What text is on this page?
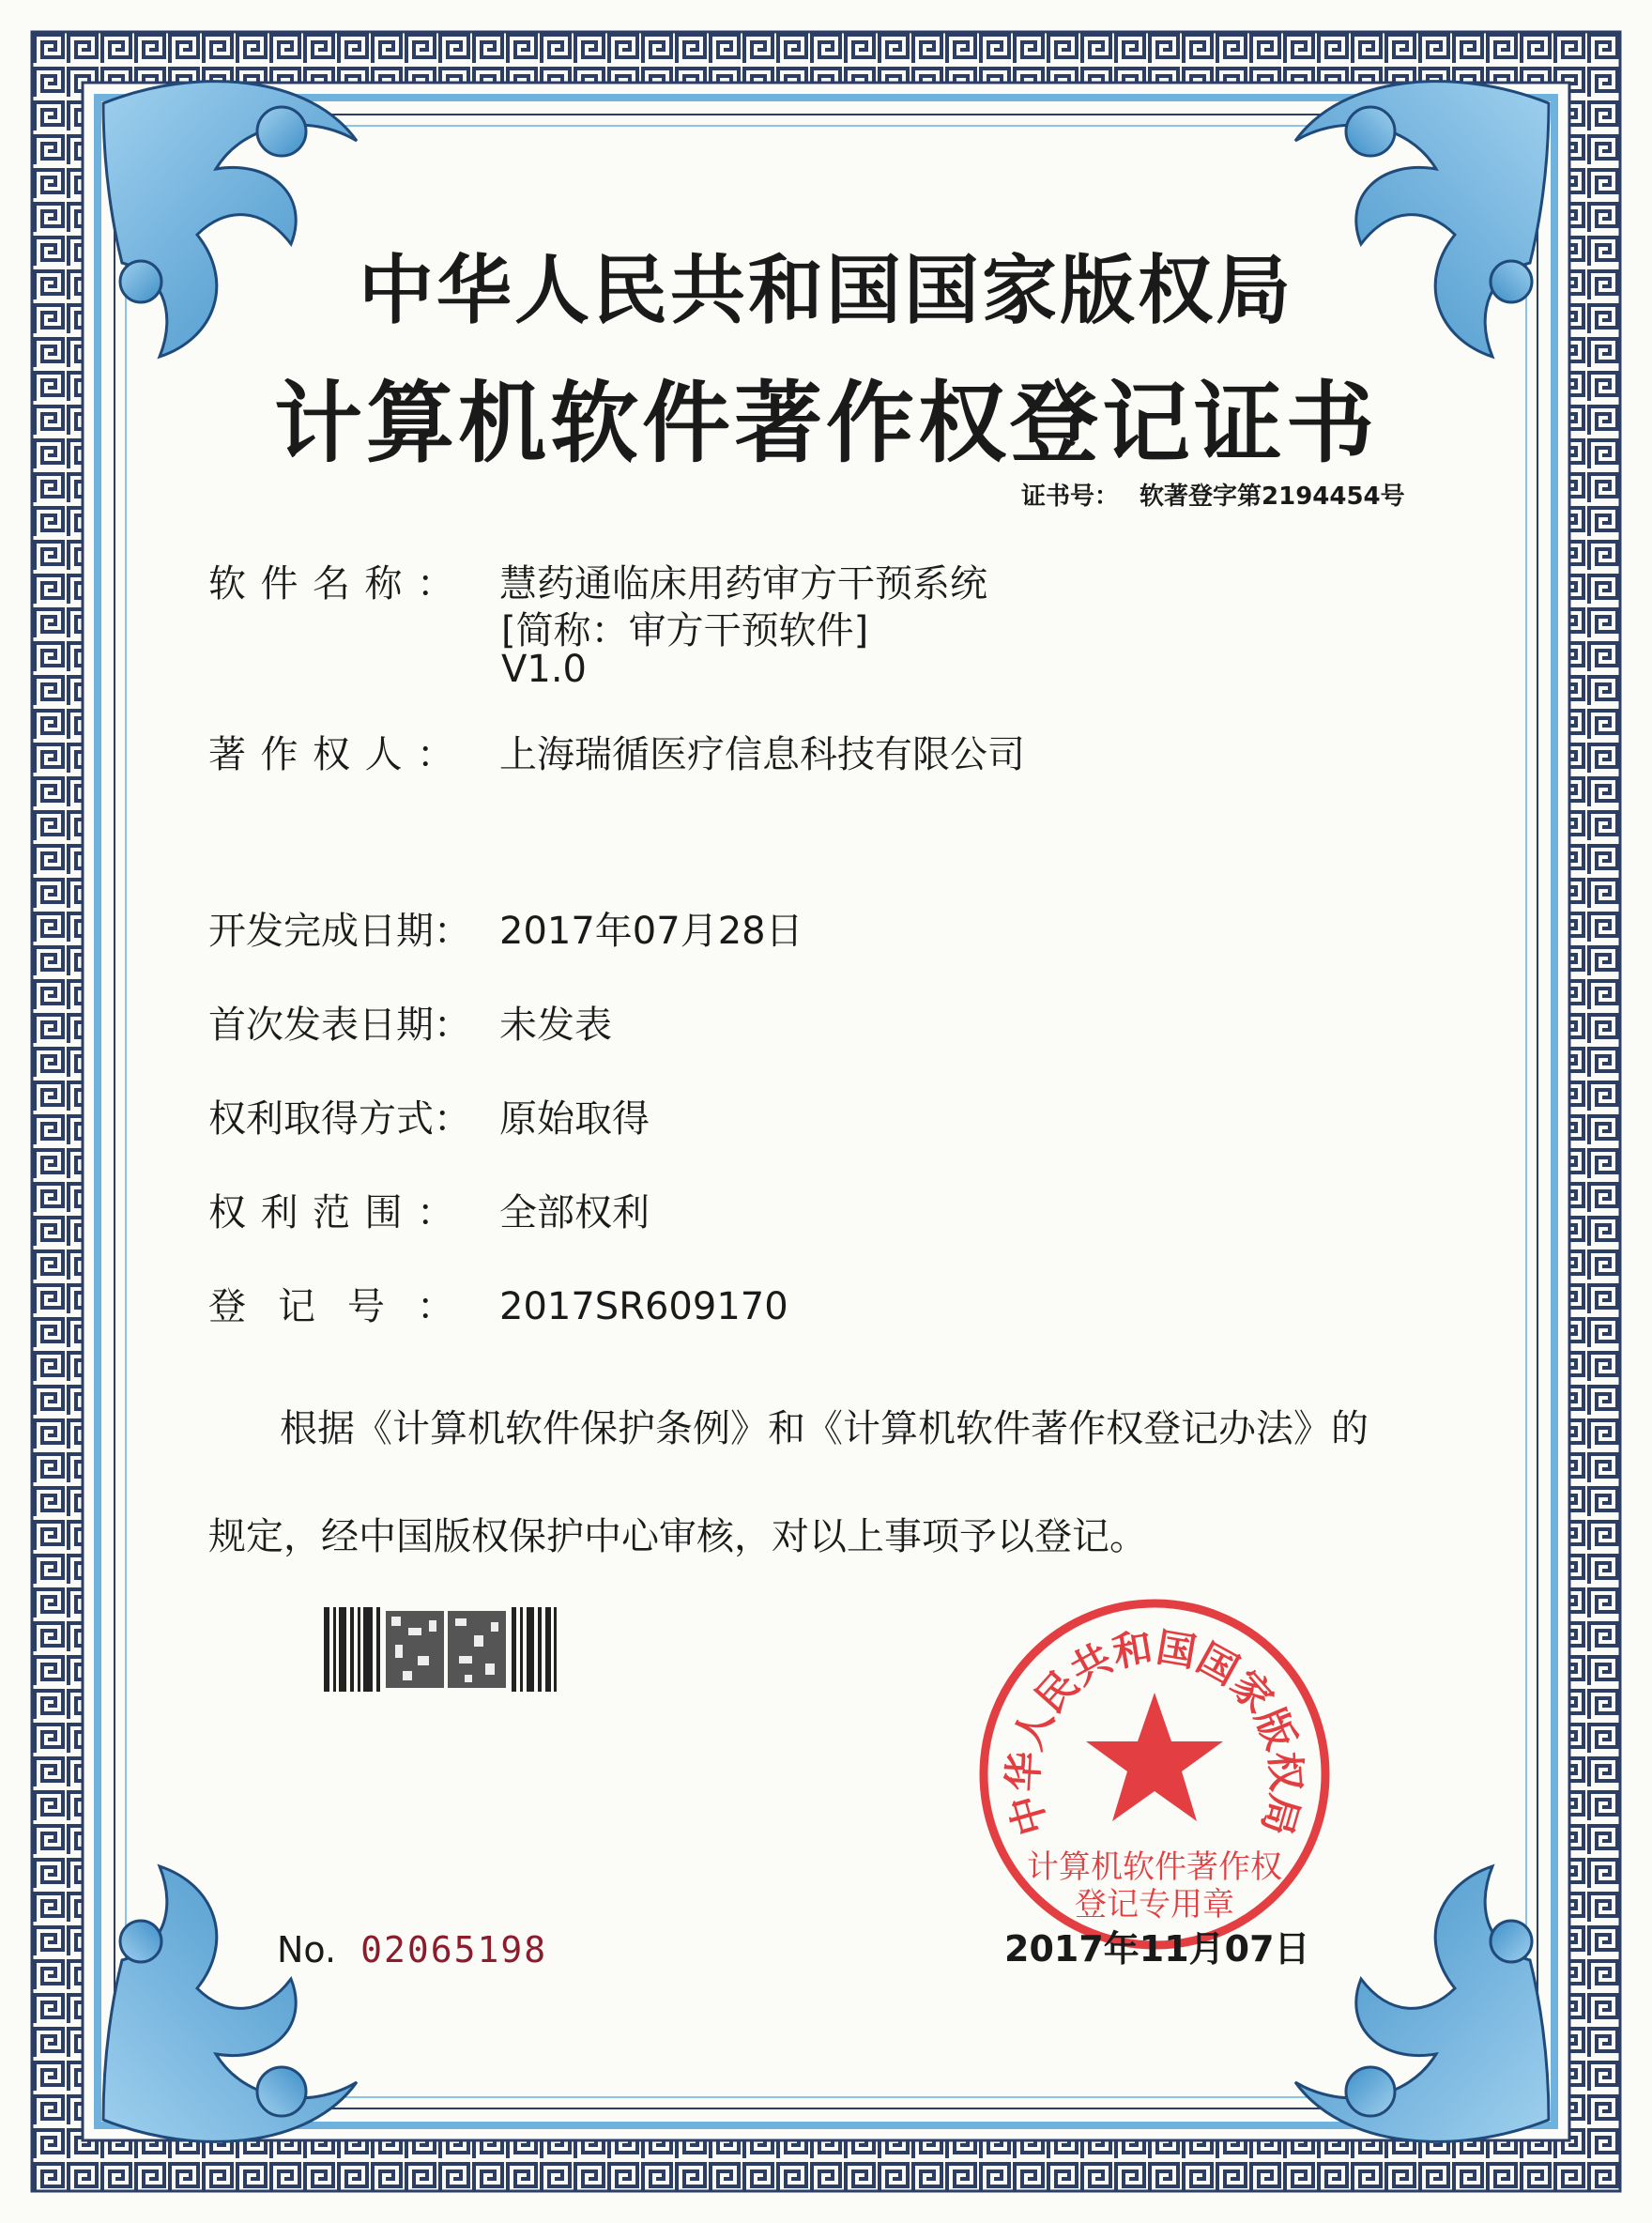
中华人民共和国国家版权局
计算机软件著作权登记证书
证书号： 软著登字第2194454号
软件名称： 慧药通临床用药审方干预系统
[简称：审方干预软件]
V1.0
著作权人： 上海瑞循医疗信息科技有限公司
开发完成日期： 2017年07月28日
首次发表日期： 未发表
权利取得方式： 原始取得
权利范围： 全部权利
登记号： 2017SR609170
根据《计算机软件保护条例》和《计算机软件著作权登记办法》的
规定，经中国版权保护中心审核，对以上事项予以登记。
No. 02065198
中华人民共和国国家版权局
计算机软件著作权
登记专用章
2017年11月07日
